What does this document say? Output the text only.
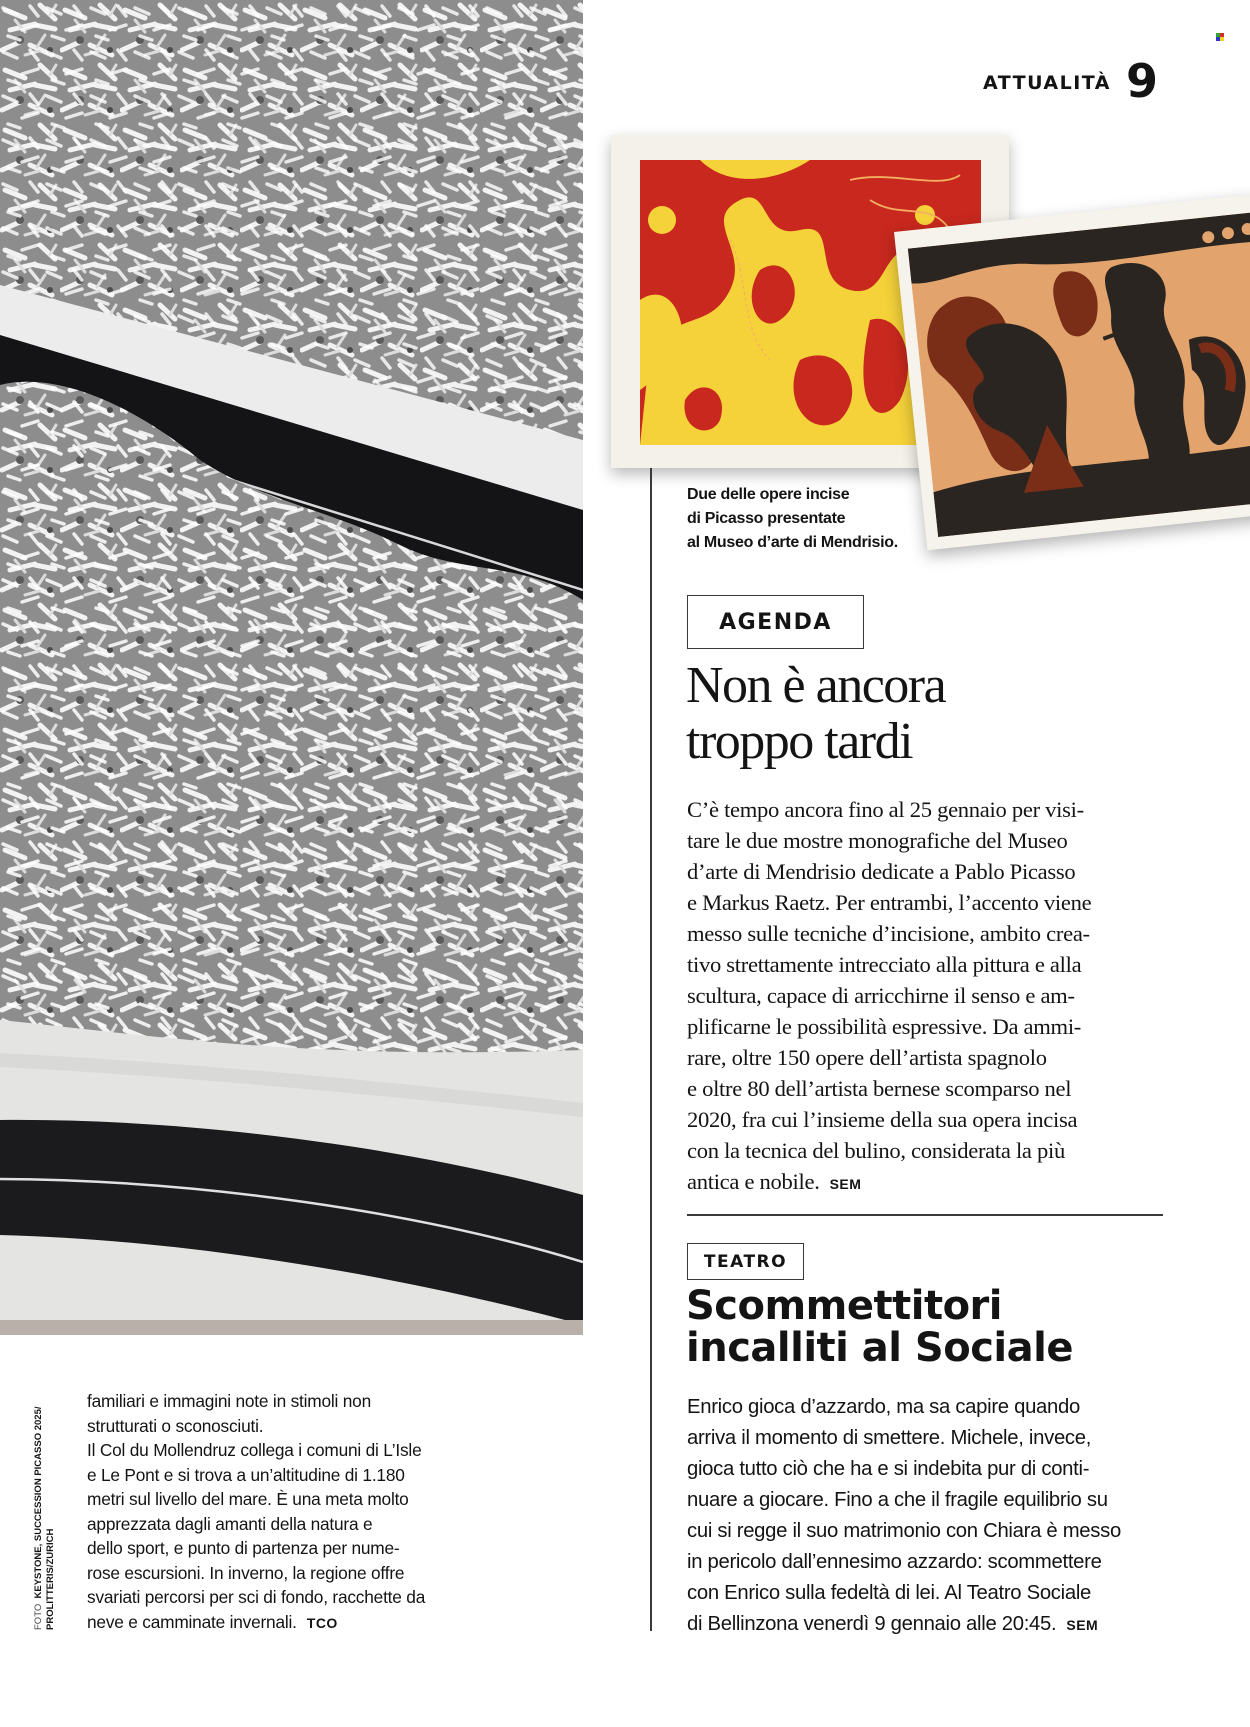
ATTUALITÀ 9

Due delle opere incise

di Picasso presentate

al Museo d’arte di Mendrisio.

AGENDA

Non è ancora

troppo tardi

C’è tempo ancora fino al 25 gennaio per visi-

tare le due mostre monografiche del Museo

d’arte di Mendrisio dedicate a Pablo Picasso

e Markus Raetz. Per entrambi, l’accento viene

messo sulle tecniche d’incisione, ambito crea-

tivo strettamente intrecciato alla pittura e alla

scultura, capace di arricchirne il senso e am-

plificarne le possibilità espressive. Da ammi-

rare, oltre 150 opere dell’artista spagnolo

e oltre 80 dell’artista bernese scomparso nel

2020, fra cui l’insieme della sua opera incisa

con la tecnica del bulino, considerata la più

antica e nobile. SEM

TEATRO

Scommettitori

incalliti al Sociale

Enrico gioca d’azzardo, ma sa capire quando

arriva il momento di smettere. Michele, invece,

gioca tutto ciò che ha e si indebita pur di conti-

nuare a giocare. Fino a che il fragile equilibrio su

cui si regge il suo matrimonio con Chiara è messo

in pericolo dall’ennesimo azzardo: scommettere

con Enrico sulla fedeltà di lei. Al Teatro Sociale

di Bellinzona venerdì 9 gennaio alle 20:45. SEM

familiari e immagini note in stimoli non

strutturati o sconosciuti.

Il Col du Mollendruz collega i comuni di L’Isle

e Le Pont e si trova a un’altitudine di 1.180

metri sul livello del mare. È una meta molto

apprezzata dagli amanti della natura e

dello sport, e punto di partenza per nume-

rose escursioni. In inverno, la regione offre

svariati percorsi per sci di fondo, racchette da

neve e camminate invernali. TCO

FOTO  KEYSTONE, SUCCESSION PICASSO 2025/ PROLITTERIS/ZURICH
